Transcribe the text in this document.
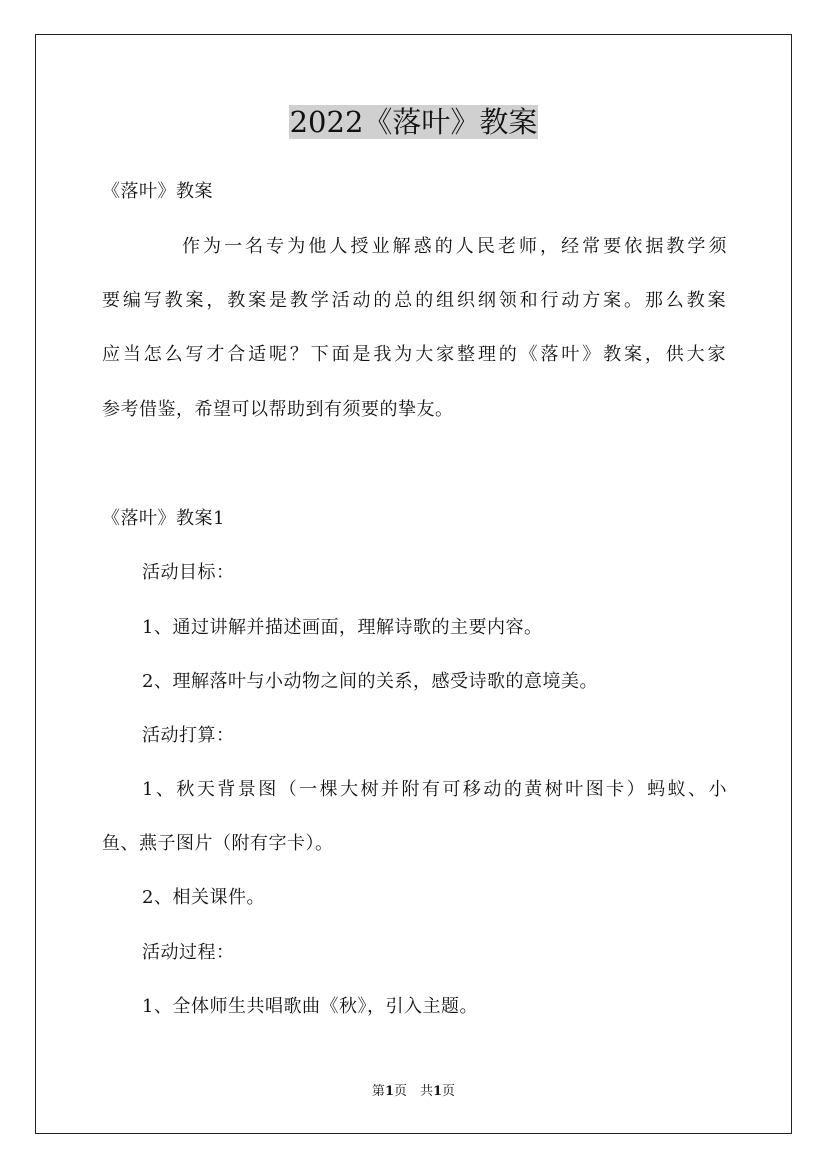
2022《落叶》教案
《落叶》教案
作为一名专为他人授业解惑的人民老师，经常要依据教学须
要编写教案，教案是教学活动的总的组织纲领和行动方案。那么教案
应当怎么写才合适呢？下面是我为大家整理的《落叶》教案，供大家
参考借鉴，希望可以帮助到有须要的挚友。
《落叶》教案1
活动目标：
1、通过讲解并描述画面，理解诗歌的主要内容。
2、理解落叶与小动物之间的关系，感受诗歌的意境美。
活动打算：
1、秋天背景图（一棵大树并附有可移动的黄树叶图卡）蚂蚁、小
鱼、燕子图片（附有字卡）。
2、相关课件。
活动过程：
1、全体师生共唱歌曲《秋》，引入主题。
第1页　共1页
